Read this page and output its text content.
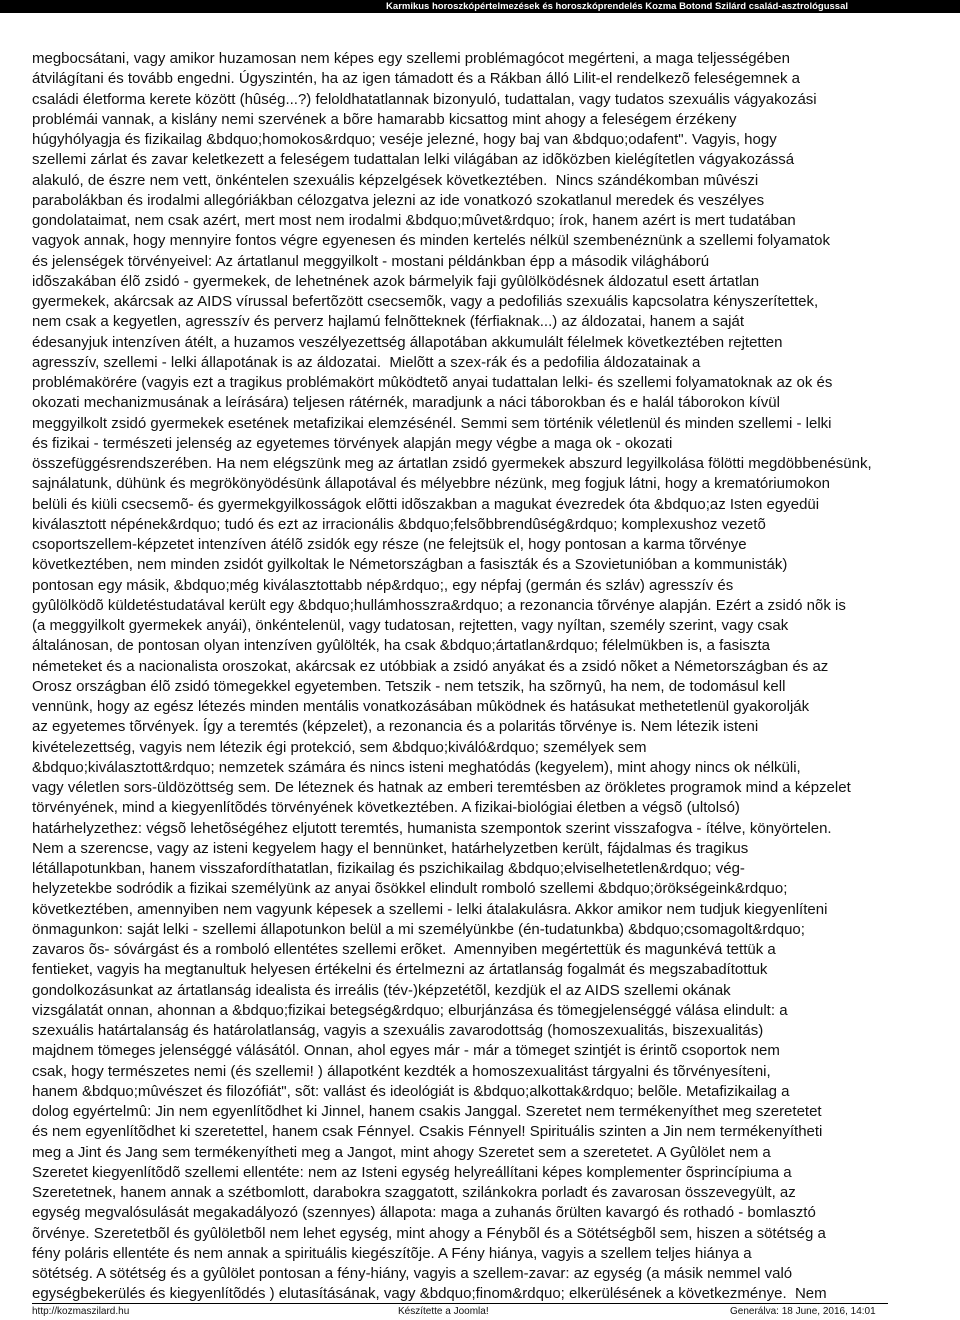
Karmikus horoszkópértelmezések és horoszkóprendelés Kozma Botond Szilárd család-asztrológussal
megbocsátani, vagy amikor huzamosan nem képes egy szellemi problémagócot megérteni, a maga teljességében
átvilágítani és tovább engedni. Úgyszintén, ha az igen támadott és a Rákban álló Lilit-el rendelkezõ feleségemnek a
családi életforma kerete között (hûség...?) feloldhatatlannak bizonyuló, tudattalan, vagy tudatos szexuális vágyakozási
problémái vannak, a kislány nemi szervének a bõre hamarabb kicsattog mint ahogy a feleségem érzékeny
húgyhólyagja és fizikailag &bdquo;homokos&rdquo; veséje jelezné, hogy baj van &bdquo;odafent". Vagyis, hogy
szellemi zárlat és zavar keletkezett a feleségem tudattalan lelki világában az idõközben kielégítetlen vágyakozássá
alakuló, de észre nem vett, önkéntelen szexuális képzelgések következtében.  Nincs szándékomban mûvészi
parabolákban és irodalmi allegóriákban célozgatva jelezni az ide vonatkozó szokatlanul meredek és veszélyes
gondolataimat, nem csak azért, mert most nem irodalmi &bdquo;mûvet&rdquo; írok, hanem azért is mert tudatában
vagyok annak, hogy mennyire fontos végre egyenesen és minden kertelés nélkül szembenéznünk a szellemi folyamatok
és jelenségek törvényeivel: Az ártatlanul meggyilkolt - mostani példánkban épp a második világháború
idõszakában élõ zsidó - gyermekek, de lehetnének azok bármelyik faji gyûlölködésnek áldozatul esett ártatlan
gyermekek, akárcsak az AIDS vírussal befertõzött csecsemõk, vagy a pedofiliás szexuális kapcsolatra kényszerítettek,
nem csak a kegyetlen, agresszív és perverz hajlamú felnõtteknek (férfiaknak...) az áldozatai, hanem a saját
édesanyjuk intenzíven átélt, a huzamos veszélyezettség állapotában akkumulált félelmek következtében rejtetten
agresszív, szellemi - lelki állapotának is az áldozatai.  Mielõtt a szex-rák és a pedofilia áldozatainak a
problémakörére (vagyis ezt a tragikus problémakört mûködtetõ anyai tudattalan lelki- és szellemi folyamatoknak az ok és
okozati mechanizmusának a leírására) teljesen rátérnék, maradjunk a náci táborokban és e halál táborokon kívül
meggyilkolt zsidó gyermekek esetének metafizikai elemzésénél. Semmi sem történik véletlenül és minden szellemi - lelki
és fizikai - természeti jelenség az egyetemes törvények alapján megy végbe a maga ok - okozati
összefüggésrendszerében. Ha nem elégszünk meg az ártatlan zsidó gyermekek abszurd legyilkolása fölötti megdöbbenésünk,
sajnálatunk, dühünk és megrökönyödésünk állapotával és mélyebbre nézünk, meg fogjuk látni, hogy a krematóriumokon
belüli és kiüli csecsemõ- és gyermekgyilkosságok elõtti idõszakban a magukat évezredek óta &bdquo;az Isten egyedüi
kiválasztott népének&rdquo; tudó és ezt az irracionális &bdquo;felsõbbrendûség&rdquo; komplexushoz vezetõ
csoportszellem-képzetet intenzíven átélõ zsidók egy része (ne felejtsük el, hogy pontosan a karma tõrvénye
következtében, nem minden zsidót gyilkoltak le Németországban a fasiszták és a Szovietunióban a kommunisták)
pontosan egy másik, &bdquo;még kiválasztottabb nép&rdquo;, egy népfaj (germán és szláv) agresszív és
gyûlölködõ küldetéstudatával került egy &bdquo;hullámhosszra&rdquo; a rezonancia tõrvénye alapján. Ezért a zsidó nõk is
(a meggyilkolt gyermekek anyái), önkéntelenül, vagy tudatosan, rejtetten, vagy nyíltan, személy szerint, vagy csak
általánosan, de pontosan olyan intenzíven gyûlölték, ha csak &bdquo;ártatlan&rdquo; félelmükben is, a fasiszta
németeket és a nacionalista oroszokat, akárcsak ez utóbbiak a zsidó anyákat és a zsidó nõket a Németországban és az
Orosz országban élõ zsidó tömegekkel egyetemben. Tetszik - nem tetszik, ha szõrnyû, ha nem, de todomásul kell
vennünk, hogy az egész létezés minden mentális vonatkozásában mûködnek és hatásukat methetetlenül gyakorolják
az egyetemes tõrvények. Így a teremtés (képzelet), a rezonancia és a polaritás tõrvénye is. Nem létezik isteni
kivételezettség, vagyis nem létezik égi protekció, sem &bdquo;kiváló&rdquo; személyek sem
&bdquo;kiválasztott&rdquo; nemzetek számára és nincs isteni meghatódás (kegyelem), mint ahogy nincs ok nélküli,
vagy véletlen sors-üldözöttség sem. De léteznek és hatnak az emberi teremtésben az örökletes programok mind a képzelet
törvényének, mind a kiegyenlítõdés törvényének következtében. A fizikai-biológiai életben a végsõ (ultolsó)
határhelyzethez: végsõ lehetõségéhez eljutott teremtés, humanista szempontok szerint visszafogva - ítélve, könyörtelen.
Nem a szerencse, vagy az isteni kegyelem hagy el bennünket, határhelyzetben került, fájdalmas és tragikus
létállapotunkban, hanem visszafordíthatatlan, fizikailag és pszichikailag &bdquo;elviselhetetlen&rdquo; vég-
helyzetekbe sodródik a fizikai személyünk az anyai õsökkel elindult romboló szellemi &bdquo;örökségeink&rdquo;
következtében, amennyiben nem vagyunk képesek a szellemi - lelki átalakulásra. Akkor amikor nem tudjuk kiegyenlíteni
önmagunkon: saját lelki - szellemi állapotunkon belül a mi személyünkbe (én-tudatunkba) &bdquo;csomagolt&rdquo;
zavaros õs- sóvárgást és a romboló ellentétes szellemi erõket.  Amennyiben megértettük és magunkévá tettük a
fentieket, vagyis ha megtanultuk helyesen értékelni és értelmezni az ártatlanság fogalmát és megszabadítottuk
gondolkozásunkat az ártatlanság idealista és irreális (tév-)képzetétõl, kezdjük el az AIDS szellemi okának
vizsgálatát onnan, ahonnan a &bdquo;fizikai betegség&rdquo; elburjánzása és tömegjelenséggé válása elindult: a
szexuális határtalanság és határolatlanság, vagyis a szexuális zavarodottság (homoszexualitás, biszexualitás)
majdnem tömeges jelenséggé válásától. Onnan, ahol egyes már - már a tömeget szintjét is érintõ csoportok nem
csak, hogy természetes nemi (és szellemi! ) állapotként kezdték a homoszexualitást tárgyalni és tõrvényesíteni,
hanem &bdquo;mûvészet és filozófiát", sõt: vallást és ideológiát is &bdquo;alkottak&rdquo; belõle. Metafizikailag a
dolog egyértelmû: Jin nem egyenlítõdhet ki Jinnel, hanem csakis Janggal. Szeretet nem termékenyíthet meg szeretetet
és nem egyenlítõdhet ki szeretettel, hanem csak Fénnyel. Csakis Fénnyel! Spirituális szinten a Jin nem termékenyítheti
meg a Jint és Jang sem termékenyítheti meg a Jangot, mint ahogy Szeretet sem a szeretetet. A Gyûlölet nem a
Szeretet kiegyenlítõdõ szellemi ellentéte: nem az Isteni egység helyreállítani képes komplementer õsprincípiuma a
Szeretetnek, hanem annak a szétbomlott, darabokra szaggatott, szilánkokra porladt és zavarosan összevegyült, az
egység megvalósulását megakadályozó (szennyes) állapota: maga a zuhanás õrülten kavargó és rothadó - bomlasztó
õrvénye. Szeretetbõl és gyûlöletbõl nem lehet egység, mint ahogy a Fénybõl és a Sötétségbõl sem, hiszen a sötétség a
fény poláris ellentéte és nem annak a spirituális kiegészítõje. A Fény hiánya, vagyis a szellem teljes hiánya a
sötétség. A sötétség és a gyûlölet pontosan a fény-hiány, vagyis a szellem-zavar: az egység (a másik nemmel való
egységbekerülés és kiegyenlítõdés ) elutasításának, vagy &bdquo;finom&rdquo; elkerülésének a következménye.  Nem
http://kozmaszilard.hu	Készítette a Joomla!	Generálva: 18 June, 2016, 14:01
